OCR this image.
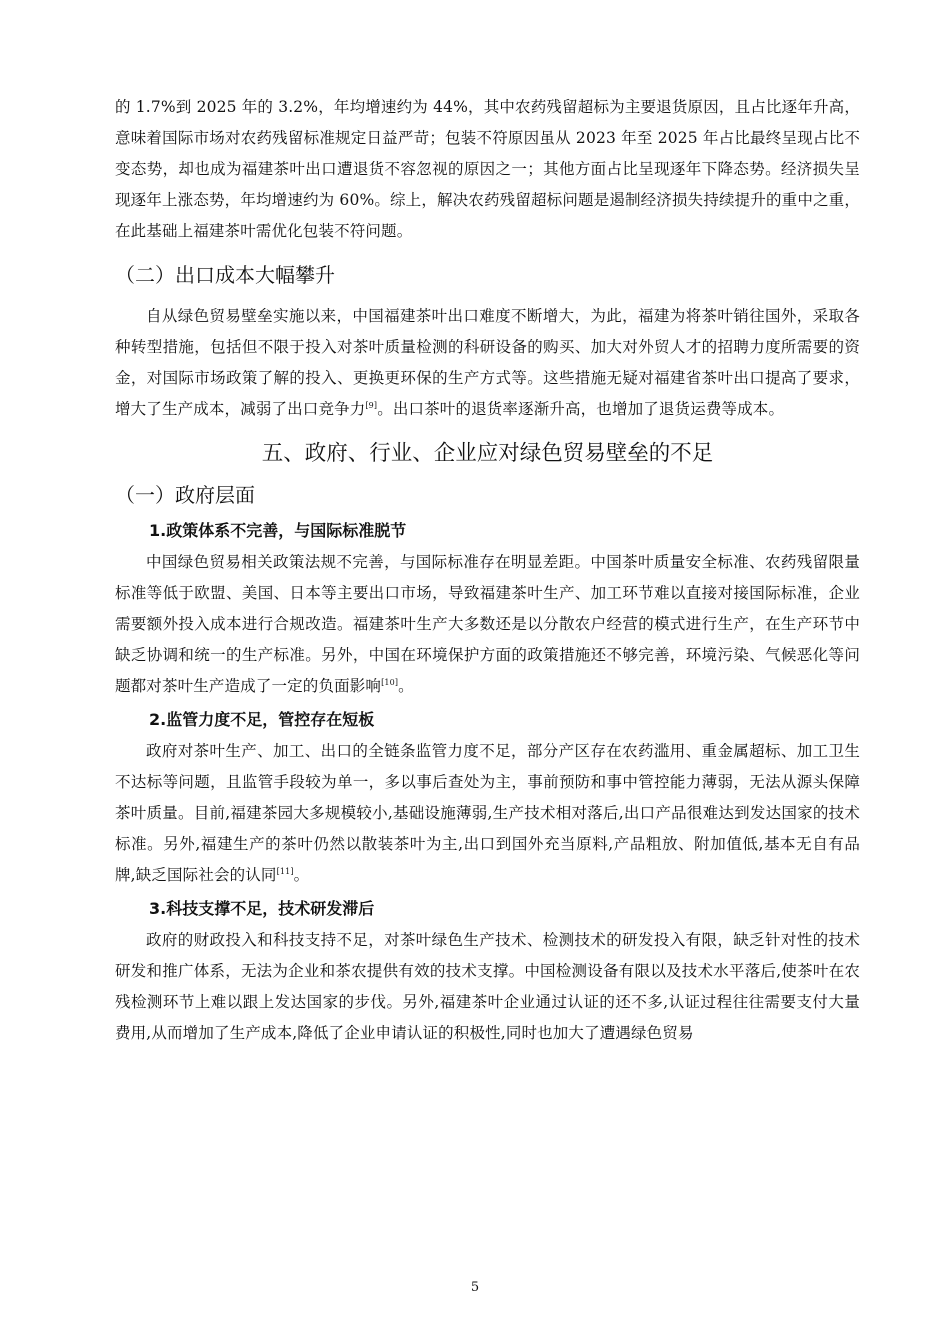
的 1.7%到 2025 年的 3.2%，年均增速约为 44%，其中农药残留超标为主要退货原因，且占比逐年升高，意味着国际市场对农药残留标准规定日益严苛；包装不符原因虽从 2023 年至 2025 年占比最终呈现占比不变态势，却也成为福建茶叶出口遭退货不容忽视的原因之一；其他方面占比呈现逐年下降态势。经济损失呈现逐年上涨态势，年均增速约为 60%。综上，解决农药残留超标问题是遏制经济损失持续提升的重中之重，在此基础上福建茶叶需优化包装不符问题。

（二）出口成本大幅攀升

自从绿色贸易壁垒实施以来，中国福建茶叶出口难度不断增大，为此，福建为将茶叶销往国外，采取各种转型措施，包括但不限于投入对茶叶质量检测的科研设备的购买、加大对外贸人才的招聘力度所需要的资金，对国际市场政策了解的投入、更换更环保的生产方式等。这些措施无疑对福建省茶叶出口提高了要求，增大了生产成本，减弱了出口竞争力[9]。出口茶叶的退货率逐渐升高，也增加了退货运费等成本。

五、政府、行业、企业应对绿色贸易壁垒的不足

（一）政府层面

1.政策体系不完善，与国际标准脱节

中国绿色贸易相关政策法规不完善，与国际标准存在明显差距。中国茶叶质量安全标准、农药残留限量标准等低于欧盟、美国、日本等主要出口市场，导致福建茶叶生产、加工环节难以直接对接国际标准，企业需要额外投入成本进行合规改造。福建茶叶生产大多数还是以分散农户经营的模式进行生产，在生产环节中缺乏协调和统一的生产标准。另外，中国在环境保护方面的政策措施还不够完善，环境污染、气候恶化等问题都对茶叶生产造成了一定的负面影响[10]。

2.监管力度不足，管控存在短板

政府对茶叶生产、加工、出口的全链条监管力度不足，部分产区存在农药滥用、重金属超标、加工卫生不达标等问题，且监管手段较为单一，多以事后查处为主，事前预防和事中管控能力薄弱，无法从源头保障茶叶质量。目前,福建茶园大多规模较小,基础设施薄弱,生产技术相对落后,出口产品很难达到发达国家的技术标准。另外,福建生产的茶叶仍然以散装茶叶为主,出口到国外充当原料,产品粗放、附加值低,基本无自有品牌,缺乏国际社会的认同[11]。

3.科技支撑不足，技术研发滞后

政府的财政投入和科技支持不足，对茶叶绿色生产技术、检测技术的研发投入有限，缺乏针对性的技术研发和推广体系，无法为企业和茶农提供有效的技术支撑。中国检测设备有限以及技术水平落后,使茶叶在农残检测环节上难以跟上发达国家的步伐。另外,福建茶叶企业通过认证的还不多,认证过程往往需要支付大量费用,从而增加了生产成本,降低了企业申请认证的积极性,同时也加大了遭遇绿色贸易

5
